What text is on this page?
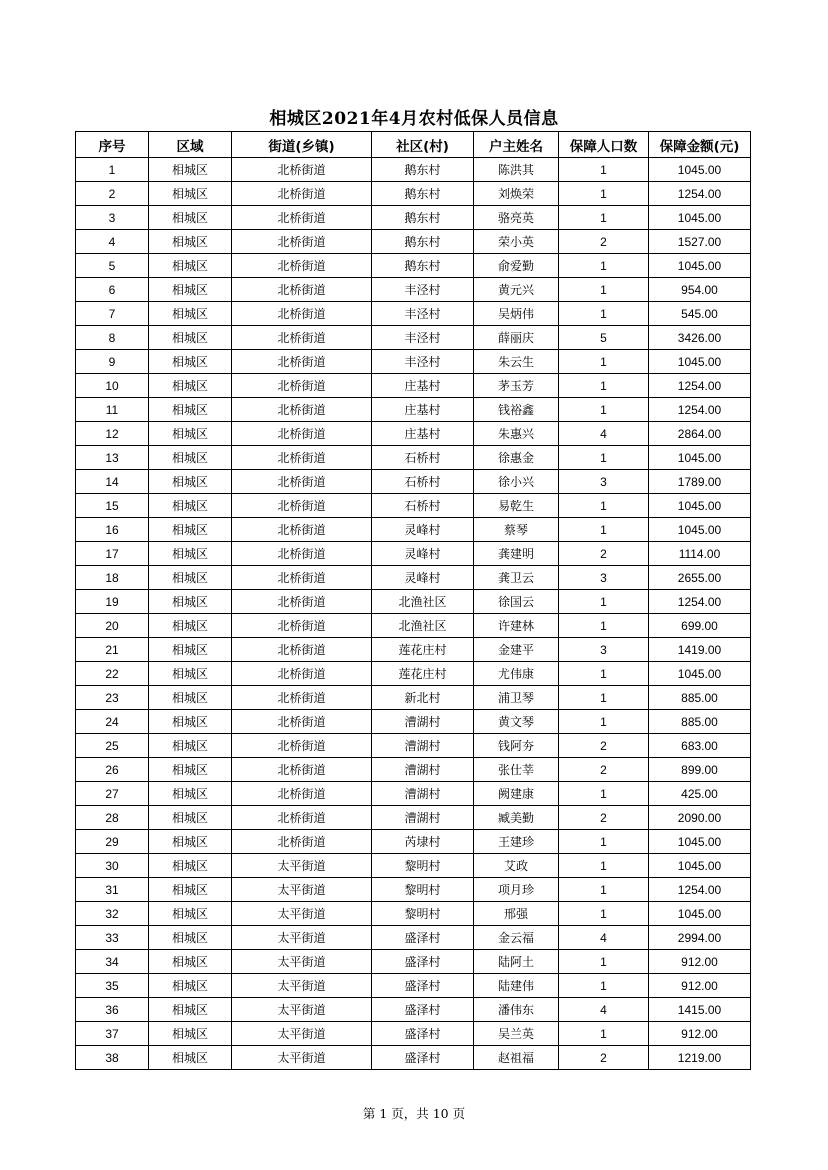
相城区2021年4月农村低保人员信息
序号	区域	街道(乡镇)	社区(村)	户主姓名	保障人口数	保障金额(元)
1	相城区	北桥街道	鹅东村	陈洪其	1	1045.00
2	相城区	北桥街道	鹅东村	刘焕荣	1	1254.00
3	相城区	北桥街道	鹅东村	骆亮英	1	1045.00
4	相城区	北桥街道	鹅东村	荣小英	2	1527.00
5	相城区	北桥街道	鹅东村	俞爱勤	1	1045.00
6	相城区	北桥街道	丰泾村	黄元兴	1	954.00
7	相城区	北桥街道	丰泾村	吴炳伟	1	545.00
8	相城区	北桥街道	丰泾村	薛丽庆	5	3426.00
9	相城区	北桥街道	丰泾村	朱云生	1	1045.00
10	相城区	北桥街道	庄基村	茅玉芳	1	1254.00
11	相城区	北桥街道	庄基村	钱裕鑫	1	1254.00
12	相城区	北桥街道	庄基村	朱惠兴	4	2864.00
13	相城区	北桥街道	石桥村	徐惠金	1	1045.00
14	相城区	北桥街道	石桥村	徐小兴	3	1789.00
15	相城区	北桥街道	石桥村	易乾生	1	1045.00
16	相城区	北桥街道	灵峰村	蔡琴	1	1045.00
17	相城区	北桥街道	灵峰村	龚建明	2	1114.00
18	相城区	北桥街道	灵峰村	龚卫云	3	2655.00
19	相城区	北桥街道	北渔社区	徐国云	1	1254.00
20	相城区	北桥街道	北渔社区	许建林	1	699.00
21	相城区	北桥街道	莲花庄村	金建平	3	1419.00
22	相城区	北桥街道	莲花庄村	尤伟康	1	1045.00
23	相城区	北桥街道	新北村	浦卫琴	1	885.00
24	相城区	北桥街道	漕湖村	黄文琴	1	885.00
25	相城区	北桥街道	漕湖村	钱阿夯	2	683.00
26	相城区	北桥街道	漕湖村	张仕莘	2	899.00
27	相城区	北桥街道	漕湖村	阙建康	1	425.00
28	相城区	北桥街道	漕湖村	臧美勤	2	2090.00
29	相城区	北桥街道	芮埭村	王建珍	1	1045.00
30	相城区	太平街道	黎明村	艾政	1	1045.00
31	相城区	太平街道	黎明村	项月珍	1	1254.00
32	相城区	太平街道	黎明村	邢强	1	1045.00
33	相城区	太平街道	盛泽村	金云福	4	2994.00
34	相城区	太平街道	盛泽村	陆阿土	1	912.00
35	相城区	太平街道	盛泽村	陆建伟	1	912.00
36	相城区	太平街道	盛泽村	潘伟东	4	1415.00
37	相城区	太平街道	盛泽村	吴兰英	1	912.00
38	相城区	太平街道	盛泽村	赵祖福	2	1219.00
第 1 页，共 10 页
